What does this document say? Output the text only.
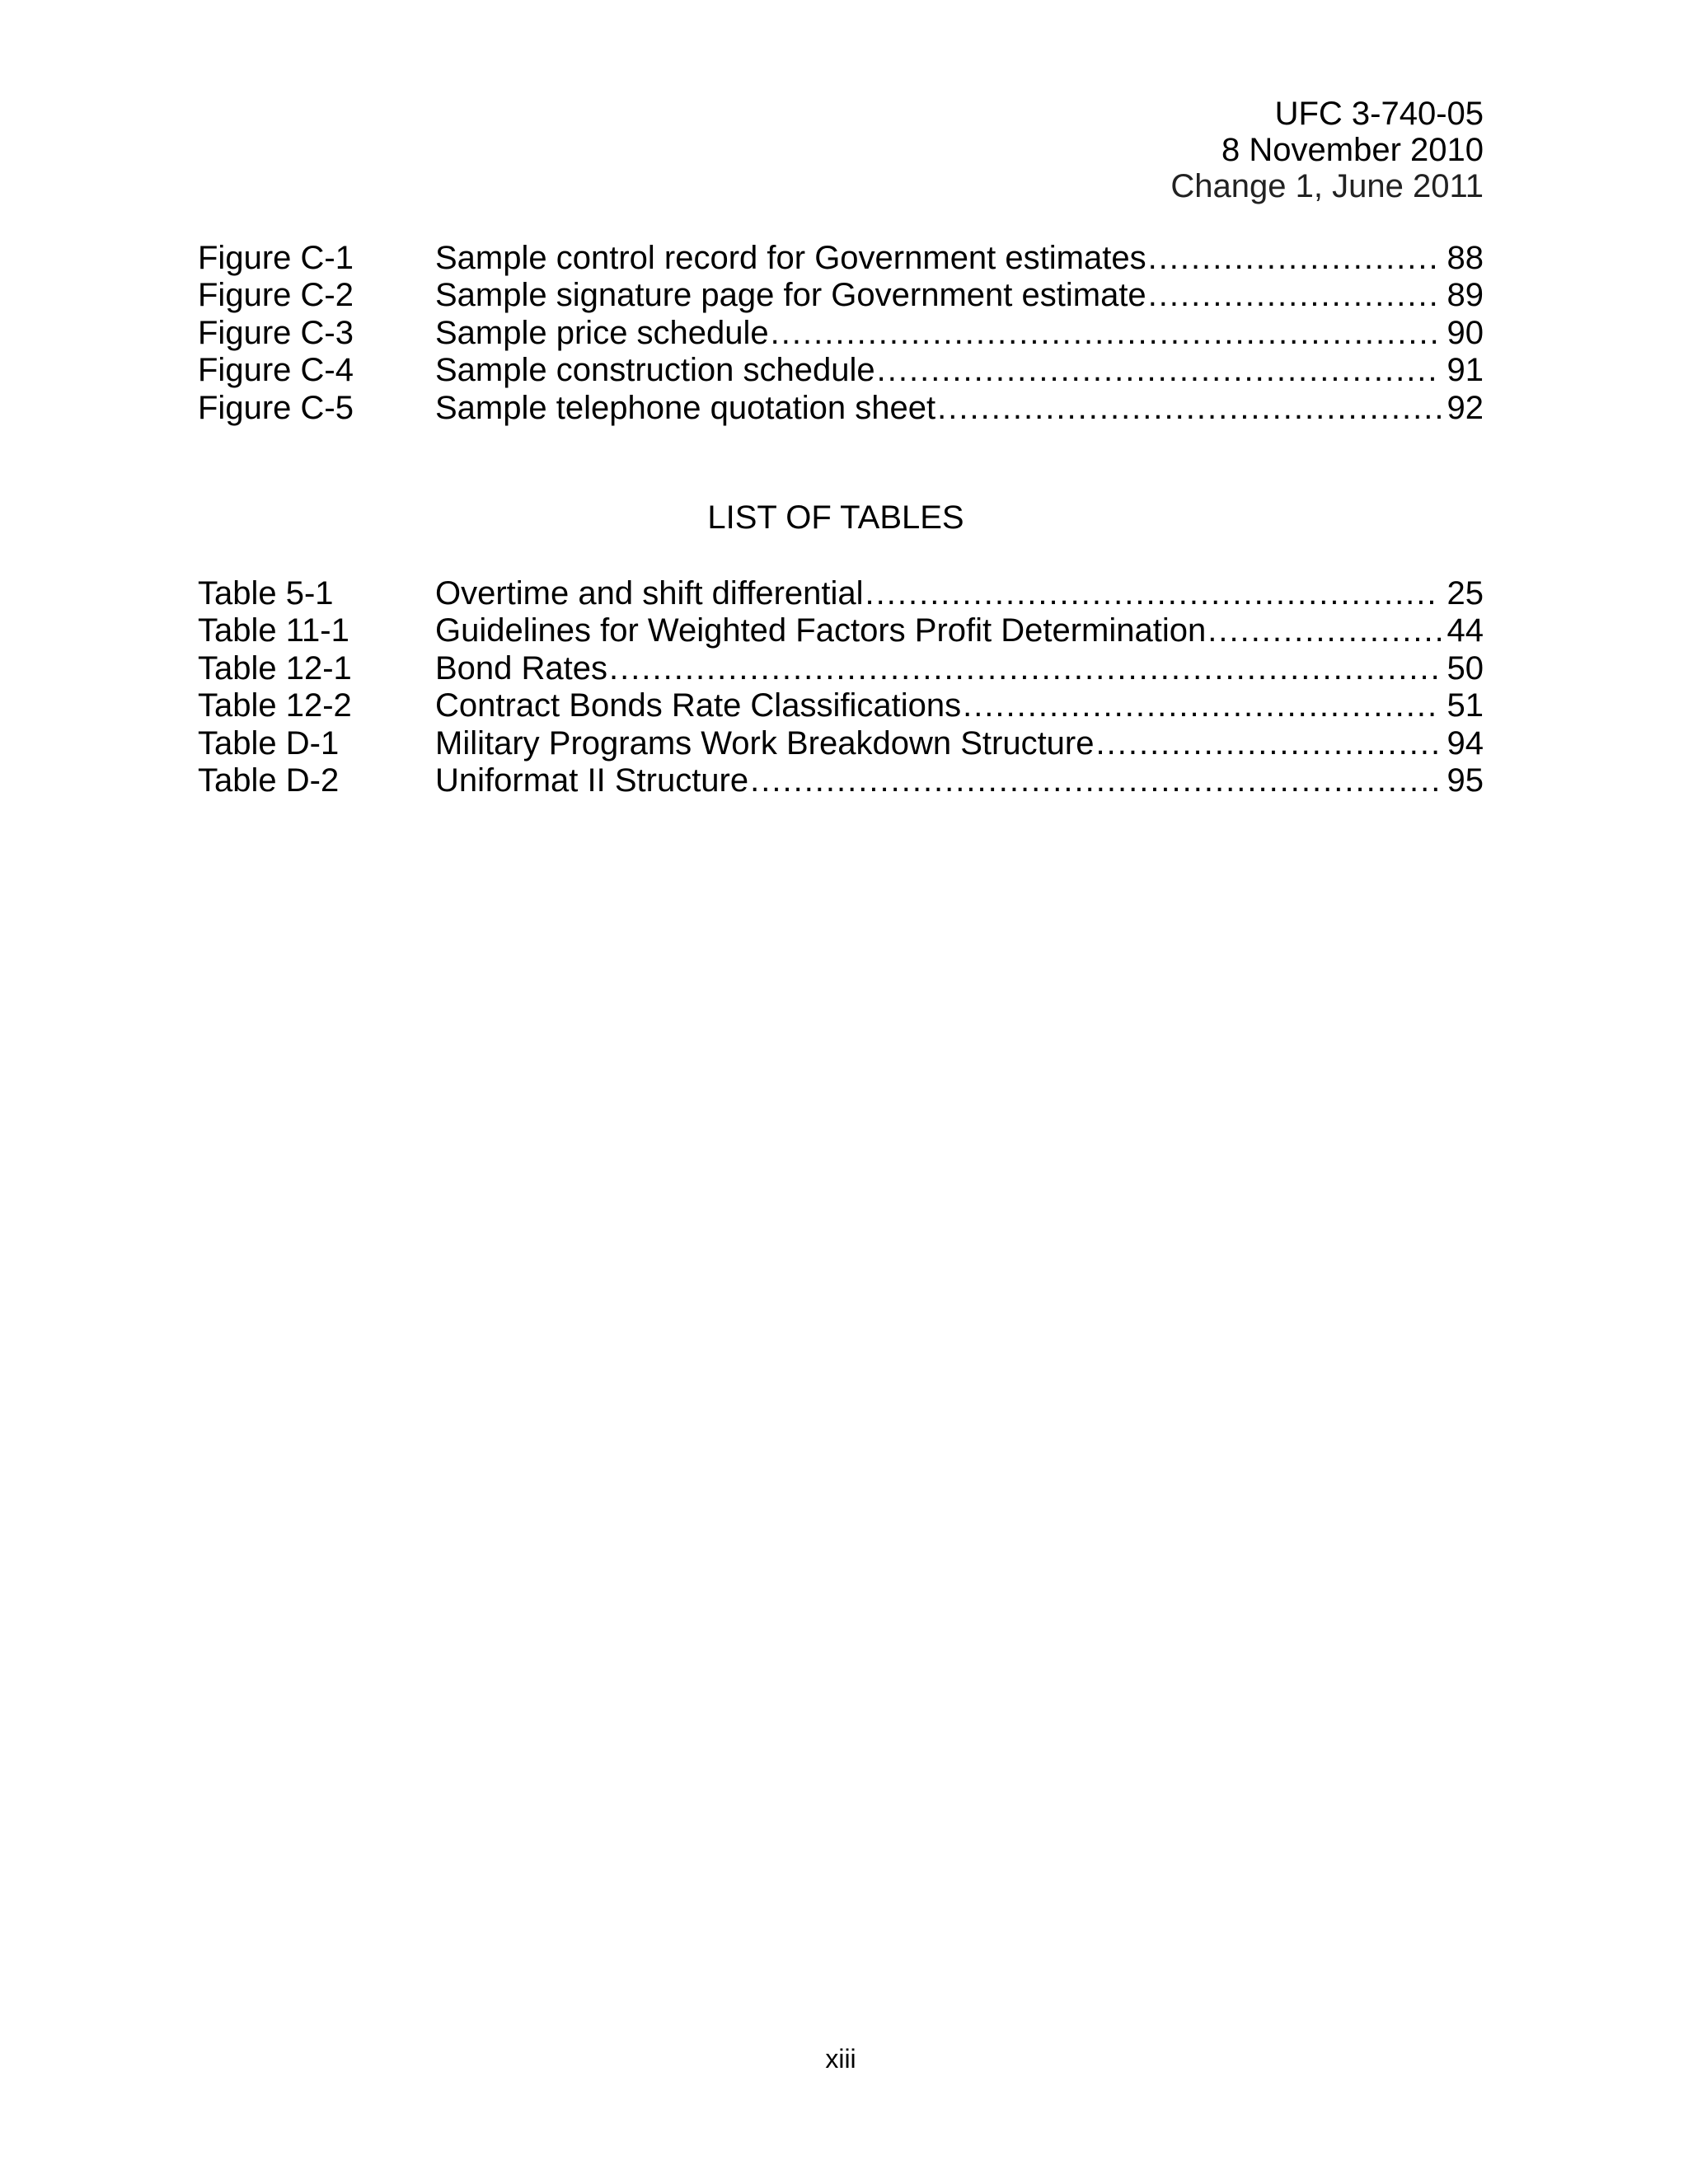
UFC 3-740-05
8 November 2010
Change 1, June 2011
Figure C-1	Sample control record for Government estimates .....	88
Figure C-2	Sample signature page for Government estimate .....	89
Figure C-3	Sample price schedule .....	90
Figure C-4	Sample construction schedule .....	91
Figure C-5	Sample telephone quotation sheet .....	92
LIST OF TABLES
Table 5-1	Overtime and shift differential .....	25
Table 11-1	Guidelines for Weighted Factors Profit Determination .....	44
Table 12-1	Bond Rates .....	50
Table 12-2	Contract Bonds Rate Classifications .....	51
Table D-1	Military Programs Work Breakdown Structure .....	94
Table D-2	Uniformat II Structure .....	95
xiii
